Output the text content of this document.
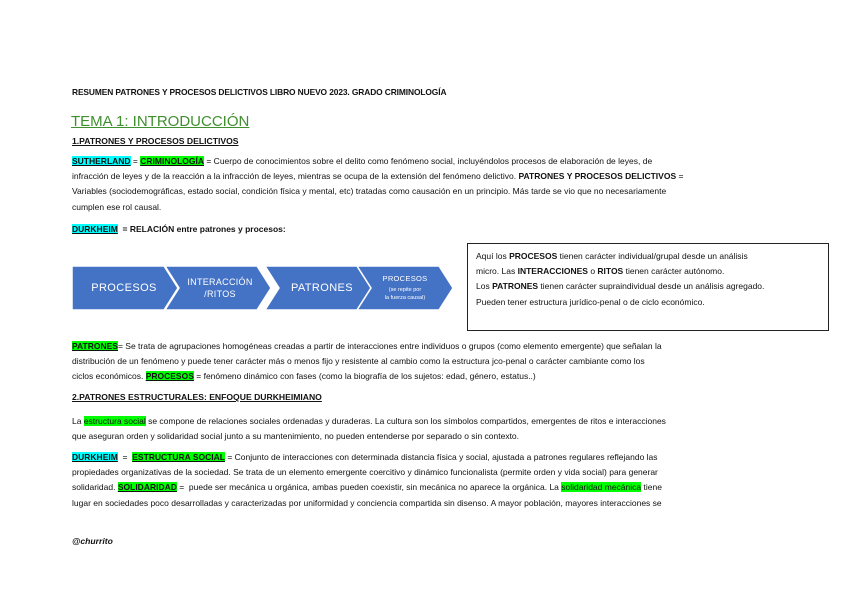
RESUMEN PATRONES Y PROCESOS DELICTIVOS LIBRO NUEVO 2023. GRADO CRIMINOLOGÍA
TEMA 1: INTRODUCCIÓN
1.PATRONES Y PROCESOS DELICTIVOS
SUTHERLAND = CRIMINOLOGÍA = Cuerpo de conocimientos sobre el delito como fenómeno social, incluyéndolos procesos de elaboración de leyes, de
infracción de leyes y de la reacción a la infracción de leyes, mientras se ocupa de la extensión del fenómeno delictivo. PATRONES Y PROCESOS DELICTIVOS =
Variables (sociodemográficas, estado social, condición física y mental, etc) tratadas como causación en un principio. Más tarde se vio que no necesariamente
cumplen ese rol causal.
DURKHEIM  = RELACIÓN entre patrones y procesos:
PROCESOS	INTERACCIÓN
/RITOS	PATRONES
PROCESOS
(se repite por
la fuerza causal)
Aquí los PROCESOS tienen carácter individual/grupal desde un análisis
micro. Las INTERACCIONES o RITOS tienen carácter autónomo.
Los PATRONES tienen carácter supraindividual desde un análisis agregado.
Pueden tener estructura jurídico-penal o de ciclo económico.
PATRONES= Se trata de agrupaciones homogéneas creadas a partir de interacciones entre individuos o grupos (como elemento emergente) que señalan la
distribución de un fenómeno y puede tener carácter más o menos fijo y resistente al cambio como la estructura jco-penal o carácter cambiante como los
ciclos económicos. PROCESOS = fenómeno dinámico con fases (como la biografía de los sujetos: edad, género, estatus..)
2.PATRONES ESTRUCTURALES: ENFOQUE DURKHEIMIANO
La estructura social se compone de relaciones sociales ordenadas y duraderas. La cultura son los símbolos compartidos, emergentes de ritos e interacciones
que aseguran orden y solidaridad social junto a su mantenimiento, no pueden entenderse por separado o sin contexto.
DURKHEIM  =  ESTRUCTURA SOCIAL = Conjunto de interacciones con determinada distancia física y social, ajustada a patrones regulares reflejando las
propiedades organizativas de la sociedad. Se trata de un elemento emergente coercitivo y dinámico funcionalista (permite orden y vida social) para generar
solidaridad. SOLIDARIDAD =  puede ser mecánica u orgánica, ambas pueden coexistir, sin mecánica no aparece la orgánica. La solidaridad mecánica tiene
lugar en sociedades poco desarrolladas y caracterizadas por uniformidad y conciencia compartida sin disenso. A mayor población, mayores interacciones se
@churrito
